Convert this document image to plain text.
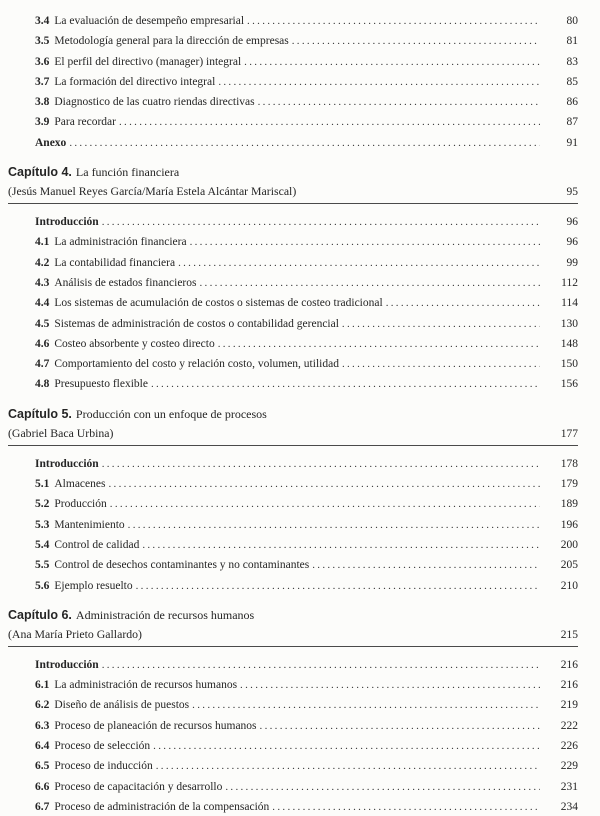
3.4 La evaluación de desempeño empresarial .....	80
3.5 Metodología general para la dirección de empresas .....	81
3.6 El perfil del directivo (manager) integral .....	83
3.7 La formación del directivo integral .....	85
3.8 Diagnostico de las cuatro riendas directivas .....	86
3.9 Para recordar .....	87
Anexo .....	91
Capítulo 4. La función financiera
(Jesús Manuel Reyes García/María Estela Alcántar Mariscal)	95
Introducción .....	96
4.1 La administración financiera .....	96
4.2 La contabilidad financiera .....	99
4.3 Análisis de estados financieros .....	112
4.4 Los sistemas de acumulación de costos o sistemas de costeo tradicional .....	114
4.5 Sistemas de administración de costos o contabilidad gerencial .....	130
4.6 Costeo absorbente y costeo directo .....	148
4.7 Comportamiento del costo y relación costo, volumen, utilidad .....	150
4.8 Presupuesto flexible .....	156
Capítulo 5. Producción con un enfoque de procesos
(Gabriel Baca Urbina)	177
Introducción .....	178
5.1 Almacenes .....	179
5.2 Producción .....	189
5.3 Mantenimiento .....	196
5.4 Control de calidad .....	200
5.5 Control de desechos contaminantes y no contaminantes .....	205
5.6 Ejemplo resuelto .....	210
Capítulo 6. Administración de recursos humanos
(Ana María Prieto Gallardo)	215
Introducción .....	216
6.1 La administración de recursos humanos .....	216
6.2 Diseño de análisis de puestos .....	219
6.3 Proceso de planeación de recursos humanos .....	222
6.4 Proceso de selección .....	226
6.5 Proceso de inducción .....	229
6.6 Proceso de capacitación y desarrollo .....	231
6.7 Proceso de administración de la compensación .....	234
